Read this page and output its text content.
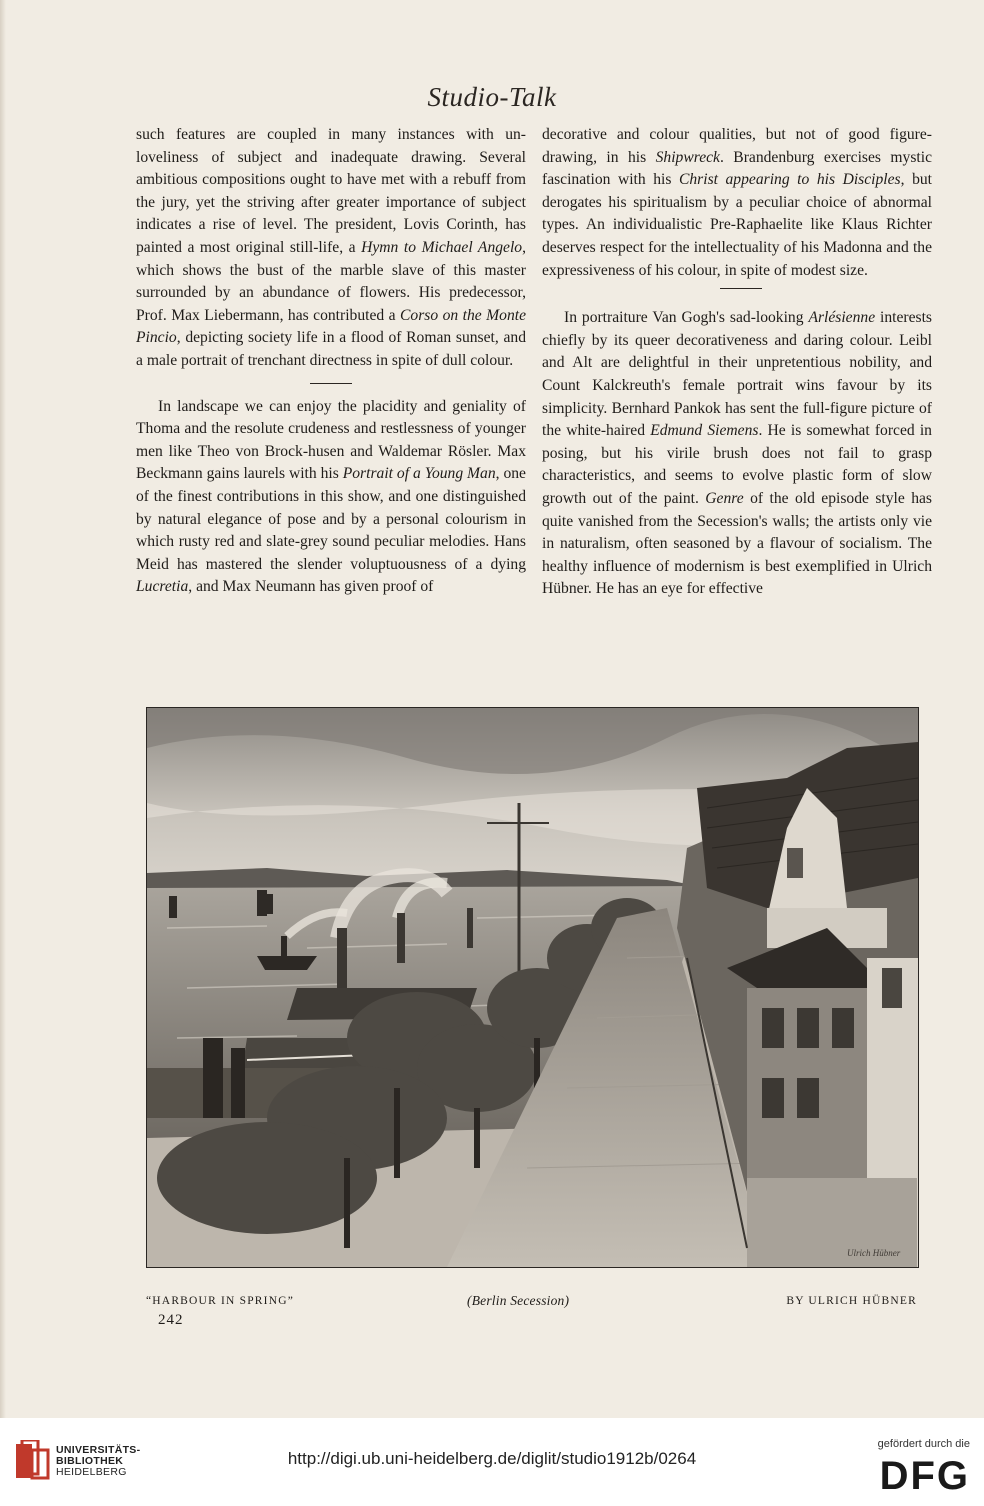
Studio-Talk

such features are coupled in many instances with un-loveliness of subject and inadequate drawing. Several ambitious compositions ought to have met with a rebuff from the jury, yet the striving after greater importance of subject indicates a rise of level. The president, Lovis Corinth, has painted a most original still-life, a Hymn to Michael Angelo, which shows the bust of the marble slave of this master surrounded by an abundance of flowers. His predecessor, Prof. Max Liebermann, has contributed a Corso on the Monte Pincio, depicting society life in a flood of Roman sunset, and a male portrait of trenchant directness in spite of dull colour.

In landscape we can enjoy the placidity and geniality of Thoma and the resolute crudeness and restlessness of younger men like Theo von Brock-husen and Waldemar Rösler. Max Beckmann gains laurels with his Portrait of a Young Man, one of the finest contributions in this show, and one distinguished by natural elegance of pose and by a personal colourism in which rusty red and slate-grey sound peculiar melodies. Hans Meid has mastered the slender voluptuousness of a dying Lucretia, and Max Neumann has given proof of

decorative and colour qualities, but not of good figure-drawing, in his Shipwreck. Brandenburg exercises mystic fascination with his Christ appearing to his Disciples, but derogates his spiritualism by a peculiar choice of abnormal types. An individualistic Pre-Raphaelite like Klaus Richter deserves respect for the intellectuality of his Madonna and the expressiveness of his colour, in spite of modest size.

In portraiture Van Gogh's sad-looking Arlésienne interests chiefly by its queer decorativeness and daring colour. Leibl and Alt are delightful in their unpretentious nobility, and Count Kalckreuth's female portrait wins favour by its simplicity. Bernhard Pankok has sent the full-figure picture of the white-haired Edmund Siemens. He is somewhat forced in posing, but his virile brush does not fail to grasp characteristics, and seems to evolve plastic form of slow growth out of the paint. Genre of the old episode style has quite vanished from the Secession's walls; the artists only vie in naturalism, often seasoned by a flavour of socialism. The healthy influence of modernism is best exemplified in Ulrich Hübner. He has an eye for effective

Ulrich Hübner
“HARBOUR IN SPRING”	(Berlin Secession)	BY ULRICH HÜBNER
242
UNIVERSITÄTS-
BIBLIOTHEK
HEIDELBERG
http://digi.ub.uni-heidelberg.de/diglit/studio1912b/0264
gefördert durch die
DFG
